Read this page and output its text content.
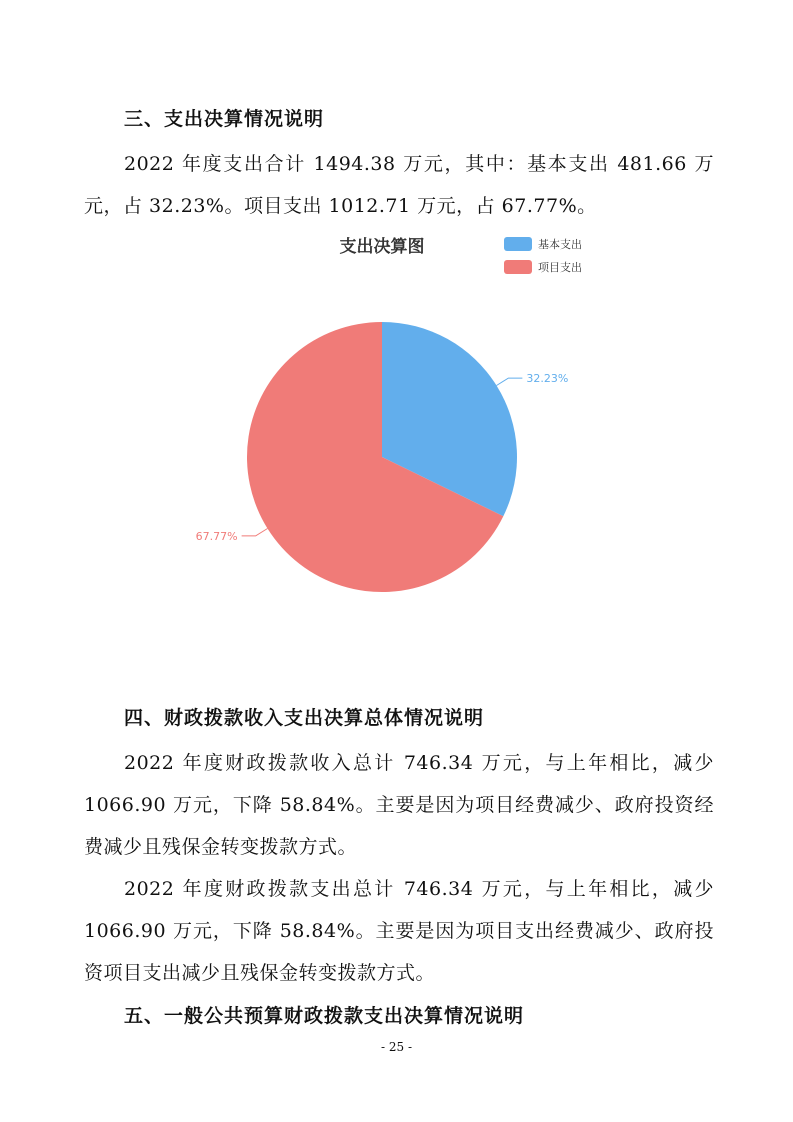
三、支出决算情况说明

2022 年度支出合计 1494.38 万元，其中：基本支出 481.66 万元，占 32.23%。项目支出 1012.71 万元，占 67.77%。

支出决算图	基本支出
项目支出
32.23%
67.77%
四、财政拨款收入支出决算总体情况说明

2022 年度财政拨款收入总计 746.34 万元，与上年相比，减少 1066.90 万元，下降 58.84%。主要是因为项目经费减少、政府投资经费减少且残保金转变拨款方式。

2022 年度财政拨款支出总计 746.34 万元，与上年相比，减少 1066.90 万元，下降 58.84%。主要是因为项目支出经费减少、政府投资项目支出减少且残保金转变拨款方式。

五、一般公共预算财政拨款支出决算情况说明
- 25 -
